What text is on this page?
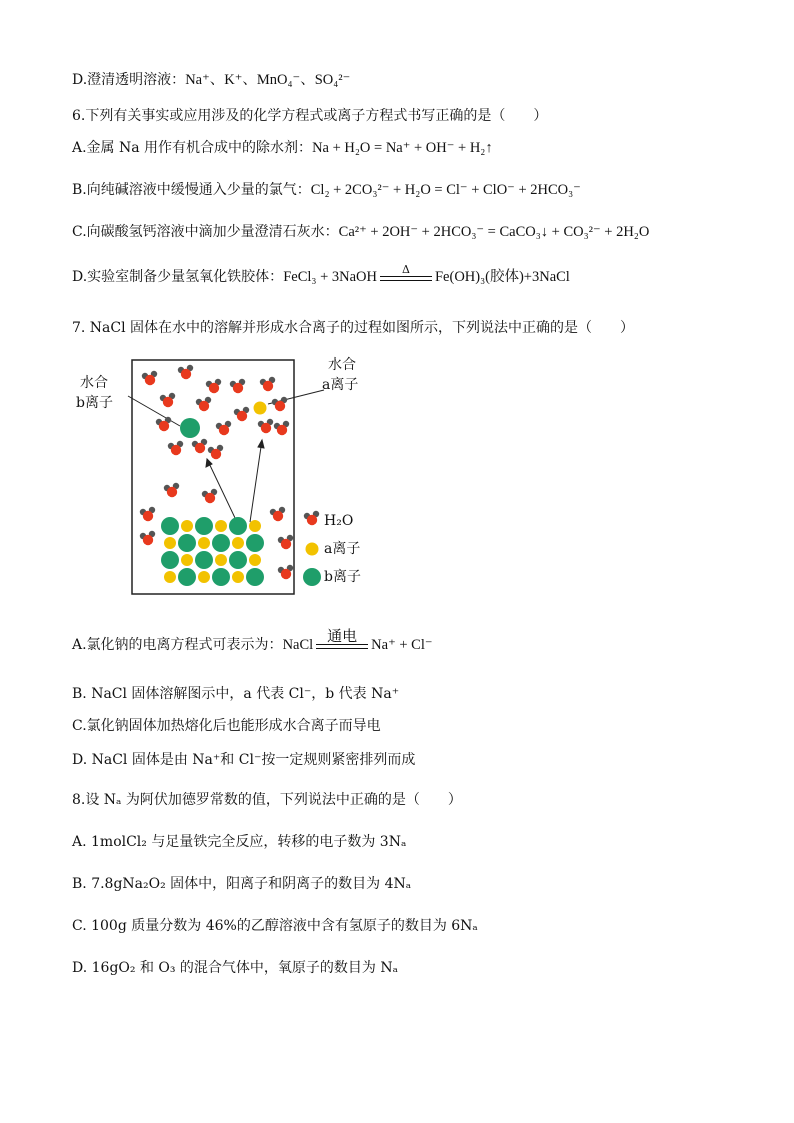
D.澄清透明溶液：Na⁺、K⁺、MnO₄⁻、SO₄²⁻
6.下列有关事实或应用涉及的化学方程式或离子方程式书写正确的是（　　）
A.金属 Na 用作有机合成中的除水剂：Na + H₂O = Na⁺ + OH⁻ + H₂↑
B.向纯碱溶液中缓慢通入少量的氯气：Cl₂ + 2CO₃²⁻ + H₂O = Cl⁻ + ClO⁻ + 2HCO₃⁻
C.向碳酸氢钙溶液中滴加少量澄清石灰水：Ca²⁺ + 2OH⁻ + 2HCO₃⁻ = CaCO₃↓ + CO₃²⁻ + 2H₂O
D.实验室制备少量氢氧化铁胶体：FeCl₃ + 3NaOH	Δ	Fe(OH)₃(胶体)+3NaCl
7. NaCl 固体在水中的溶解并形成水合离子的过程如图所示，下列说法中正确的是（　　）
水合
b离子
水合
a离子
H₂O
a离子
b离子
A.氯化钠的电离方程式可表示为：NaCl 通电 Na⁺ + Cl⁻
B. NaCl 固体溶解图示中，a 代表 Cl⁻，b 代表 Na⁺
C.氯化钠固体加热熔化后也能形成水合离子而导电
D. NaCl 固体是由 Na⁺和 Cl⁻按一定规则紧密排列而成
8.设 Nₐ 为阿伏加德罗常数的值，下列说法中正确的是（　　）
A. 1molCl₂ 与足量铁完全反应，转移的电子数为 3Nₐ
B. 7.8gNa₂O₂ 固体中，阳离子和阴离子的数目为 4Nₐ
C. 100g 质量分数为 46%的乙醇溶液中含有氢原子的数目为 6Nₐ
D. 16gO₂ 和 O₃ 的混合气体中，氧原子的数目为 Nₐ
